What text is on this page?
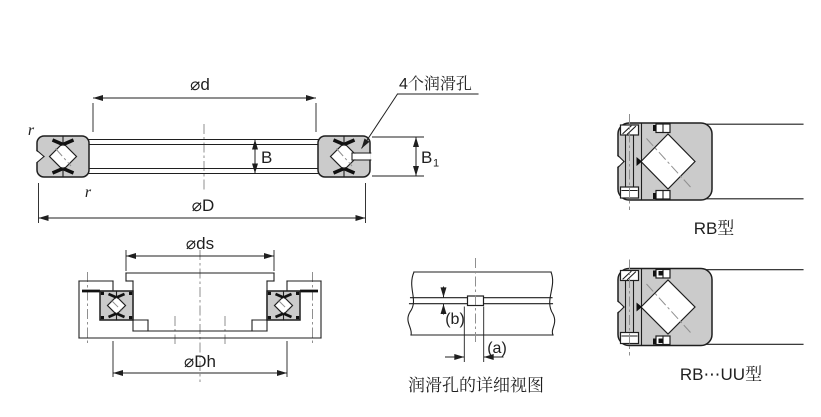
⌀d
⌀D
B	B 1
r
r
4个润滑孔
⌀ds
⌀Dh
(b)
(a)
润滑孔的详细视图
RB型
RB⋯UU型
